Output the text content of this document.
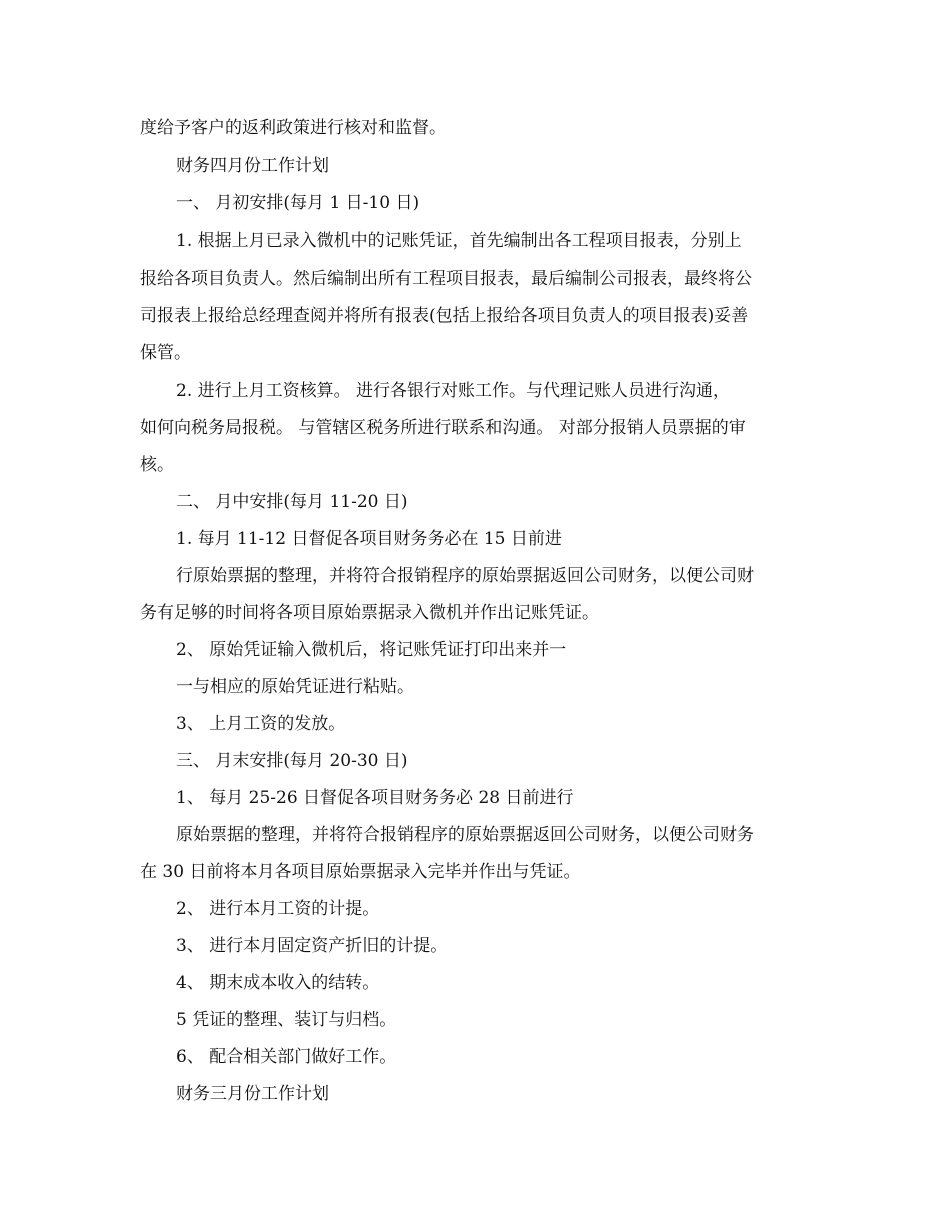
度给予客户的返利政策进行核对和监督。
财务四月份工作计划
一、 月初安排(每月 1 日-10 日)
1. 根据上月已录入微机中的记账凭证，首先编制出各工程项目报表，分别上
报给各项目负责人。然后编制出所有工程项目报表，最后编制公司报表，最终将公
司报表上报给总经理查阅并将所有报表(包括上报给各项目负责人的项目报表)妥善
保管。
2. 进行上月工资核算。 进行各银行对账工作。与代理记账人员进行沟通，
如何向税务局报税。 与管辖区税务所进行联系和沟通。 对部分报销人员票据的审
核。
二、 月中安排(每月 11-20 日)
1. 每月 11-12 日督促各项目财务务必在 15 日前进
行原始票据的整理，并将符合报销程序的原始票据返回公司财务，以便公司财
务有足够的时间将各项目原始票据录入微机并作出记账凭证。
2、 原始凭证输入微机后，将记账凭证打印出来并一
一与相应的原始凭证进行粘贴。
3、 上月工资的发放。
三、 月末安排(每月 20-30 日)
1、 每月 25-26 日督促各项目财务务必 28 日前进行
原始票据的整理，并将符合报销程序的原始票据返回公司财务，以便公司财务
在 30 日前将本月各项目原始票据录入完毕并作出与凭证。
2、 进行本月工资的计提。
3、 进行本月固定资产折旧的计提。
4、 期末成本收入的结转。
5 凭证的整理、装订与归档。
6、 配合相关部门做好工作。
财务三月份工作计划
